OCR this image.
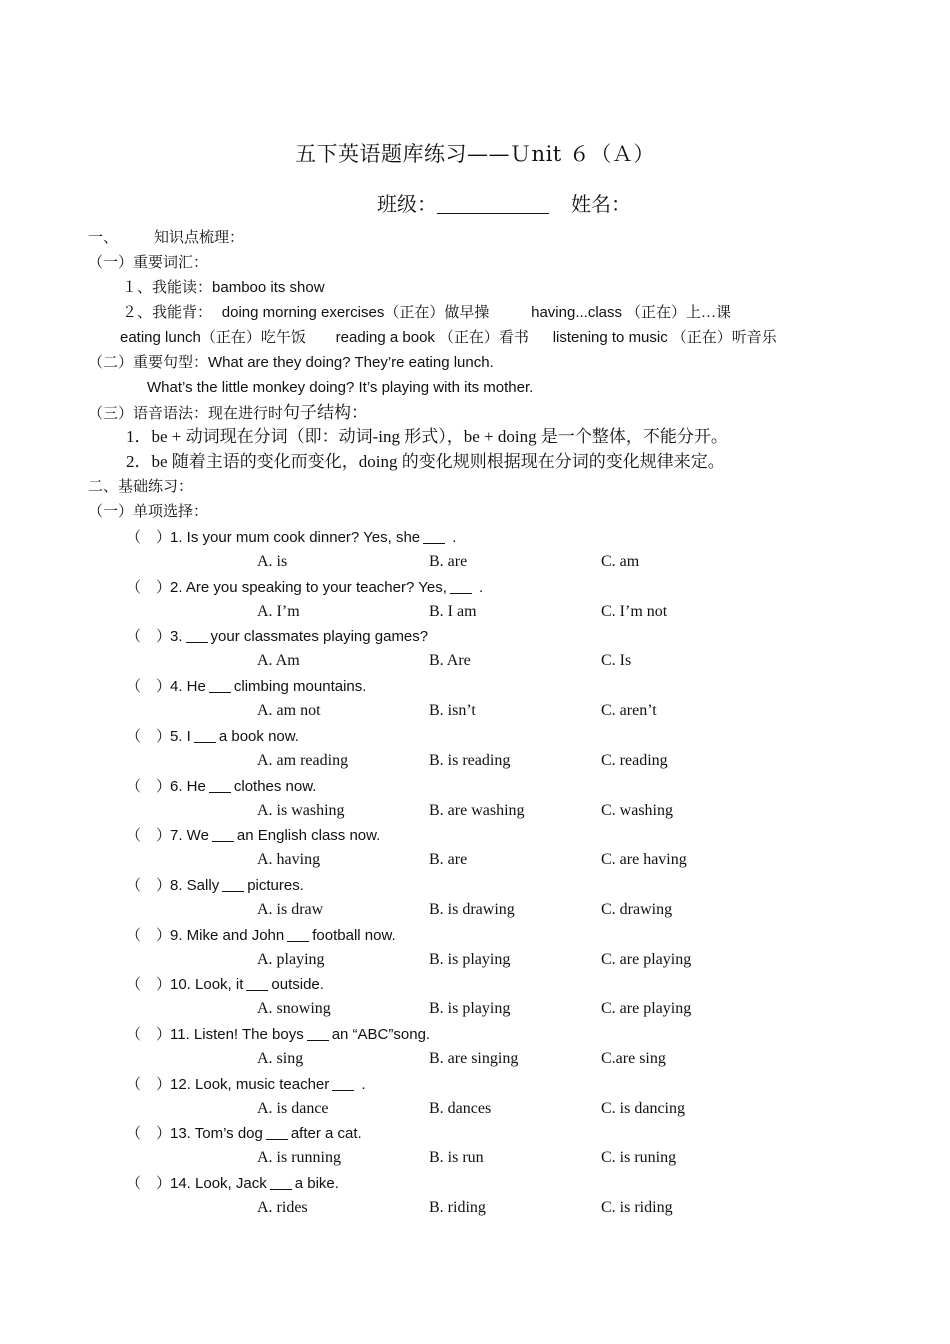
五下英语题库练习——Ｕnit ６（Ａ）
班级：	姓名：
一、 知识点梳理：
（一）重要词汇：
１、我能读：bamboo its show
２、我能背： doing morning exercises（正在）做早操	having...class （正在）上…课
eating lunch（正在）吃午饭 reading a book （正在）看书 listening to music （正在）听音乐
（二）重要句型：What are they doing? They’re eating lunch.
What’s the little monkey doing? It’s playing with its mother.
（三）语音语法：现在进行时句子结构：
1．be + 动词现在分词（即：动词-ing 形式），be + doing 是一个整体，不能分开。
2．be 随着主语的变化而变化，doing 的变化规则根据现在分词的变化规律来定。
二、基础练习：
（一）单项选择：
（　）1. Is your mum cook dinner? Yes, she .
A. is	B. are	C. am
（　）2. Are you speaking to your teacher? Yes, .
A. I’m	B. I am	C. I’m not
（　）3. your classmates playing games?
A. Am	B. Are	C. Is
（　）4. He climbing mountains.
A. am not	B. isn’t	C. aren’t
（　）5. I a book now.
A. am reading	B. is reading	C. reading
（　）6. He clothes now.
A. is washing	B. are washing	C. washing
（　）7. We an English class now.
A. having	B. are	C. are having
（　）8. Sally pictures.
A. is draw	B. is drawing	C. drawing
（　）9. Mike and John football now.
A. playing	B. is playing	C. are playing
（　）10. Look, it outside.
A. snowing	B. is playing	C. are playing
（　）11. Listen! The boys an “ABC”song.
A. sing	B. are singing	C.are sing
（　）12. Look, music teacher .
A. is dance	B. dances	C. is dancing
（　）13. Tom’s dog after a cat.
A. is running	B. is run	C. is runing
（　）14. Look, Jack a bike.
A. rides	B. riding	C. is riding
